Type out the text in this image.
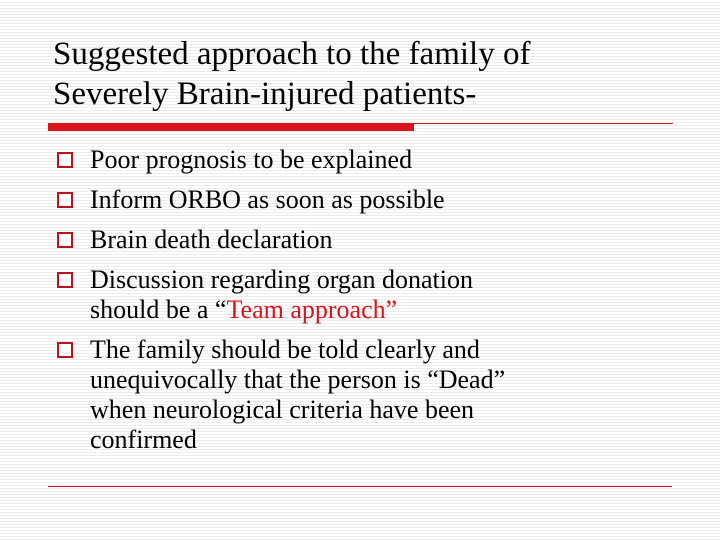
Suggested approach to the family of
Severely Brain-injured patients-
Poor prognosis to be explained
Inform ORBO as soon as possible
Brain death declaration
Discussion regarding organ donation
should be a “Team approach”
The family should be told clearly and
unequivocally that the person is “Dead”
when neurological criteria have been
confirmed
